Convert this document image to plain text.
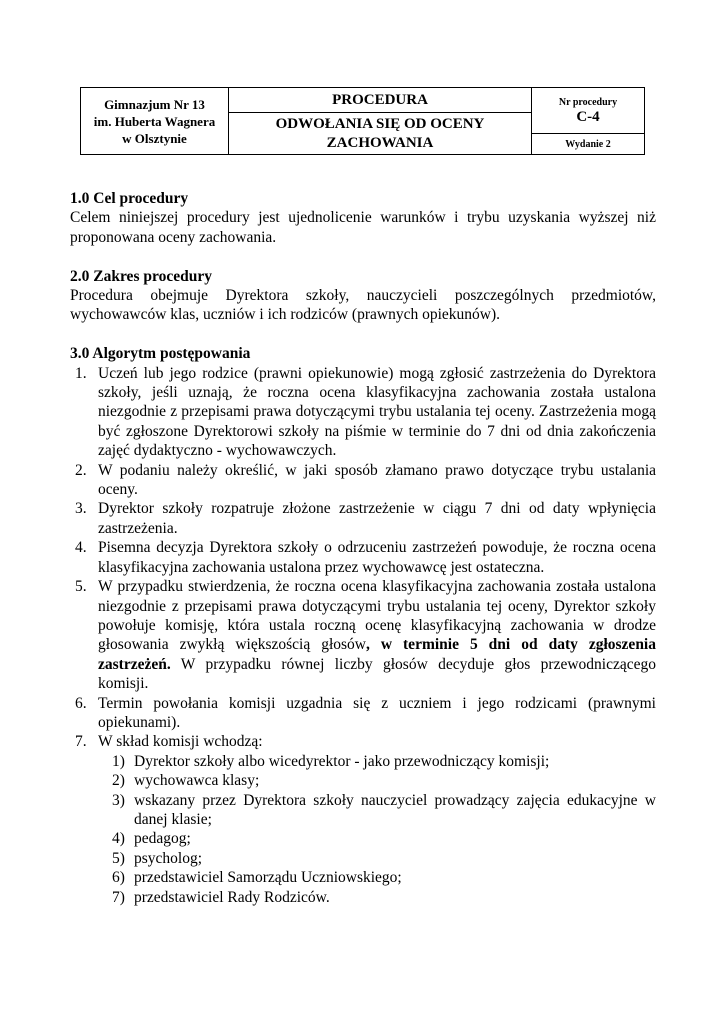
Gimnazjum Nr 13
im. Huberta Wagnera
w Olsztynie
PROCEDURA
ODWOŁANIA SIĘ OD OCENY
ZACHOWANIA
Nr procedury
C-4
Wydanie 2

1.0 Cel procedury

Celem niniejszej procedury jest ujednolicenie warunków i trybu uzyskania wyższej niż proponowana oceny zachowania.

2.0 Zakres procedury

Procedura obejmuje Dyrektora szkoły, nauczycieli poszczególnych przedmiotów, wychowawców klas, uczniów i ich rodziców (prawnych opiekunów).

3.0 Algorytm postępowania

1. Uczeń lub jego rodzice (prawni opiekunowie) mogą zgłosić zastrzeżenia do Dyrektora szkoły, jeśli uznają, że roczna ocena klasyfikacyjna zachowania została ustalona niezgodnie z przepisami prawa dotyczącymi trybu ustalania tej oceny. Zastrzeżenia mogą być zgłoszone Dyrektorowi szkoły na piśmie w terminie do 7 dni od dnia zakończenia zajęć dydaktyczno - wychowawczych.
2. W podaniu należy określić, w jaki sposób złamano prawo dotyczące trybu ustalania oceny.
3. Dyrektor szkoły rozpatruje złożone zastrzeżenie w ciągu 7 dni od daty wpłynięcia zastrzeżenia.
4. Pisemna decyzja Dyrektora szkoły o odrzuceniu zastrzeżeń powoduje, że roczna ocena klasyfikacyjna zachowania ustalona przez wychowawcę jest ostateczna.
5. W przypadku stwierdzenia, że roczna ocena klasyfikacyjna zachowania została ustalona niezgodnie z przepisami prawa dotyczącymi trybu ustalania tej oceny, Dyrektor szkoły powołuje komisję, która ustala roczną ocenę klasyfikacyjną zachowania w drodze głosowania zwykłą większością głosów, w terminie 5 dni od daty zgłoszenia zastrzeżeń. W przypadku równej liczby głosów decyduje głos przewodniczącego komisji.
6. Termin powołania komisji uzgadnia się z uczniem i jego rodzicami (prawnymi opiekunami).
7. W skład komisji wchodzą:
1) Dyrektor szkoły albo wicedyrektor - jako przewodniczący komisji;
2) wychowawca klasy;
3) wskazany przez Dyrektora szkoły nauczyciel prowadzący zajęcia edukacyjne w danej klasie;
4) pedagog;
5) psycholog;
6) przedstawiciel Samorządu Uczniowskiego;
7) przedstawiciel Rady Rodziców.
